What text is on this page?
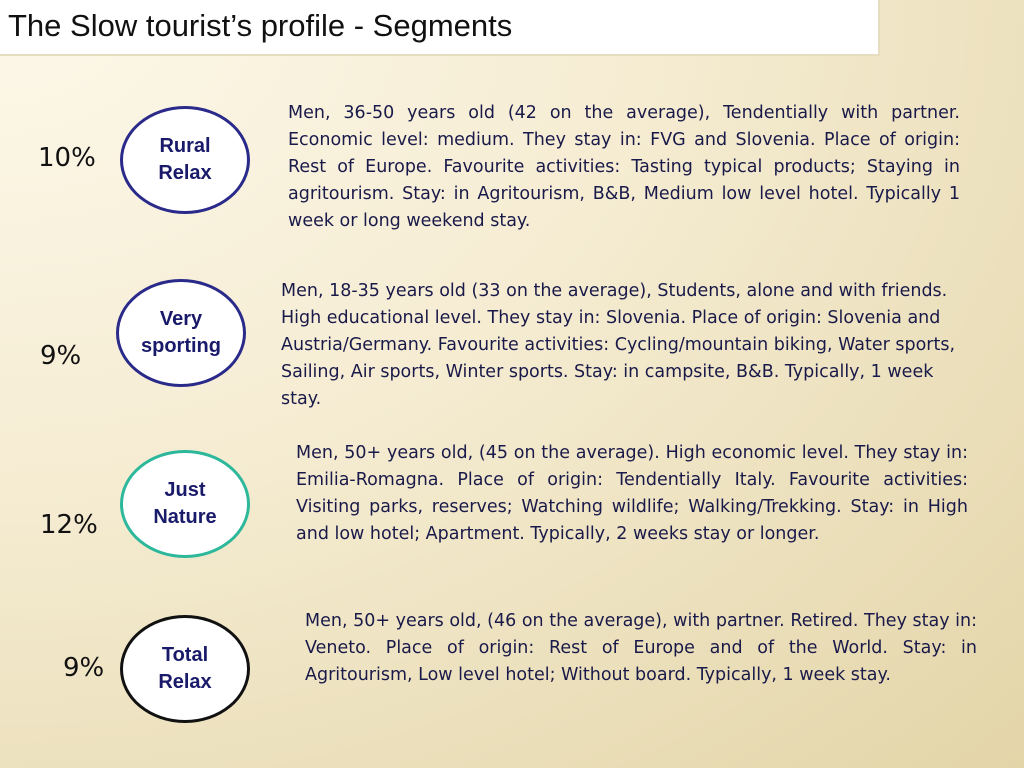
The Slow tourist’s profile - Segments
10%	Rural
Relax
Men, 36-50 years old (42 on the average), Tendentially with partner. Economic level: medium. They stay in: FVG and Slovenia. Place of origin: Rest of Europe. Favourite activities: Tasting typical products; Staying in agritourism. Stay: in Agritourism, B&B, Medium low level hotel. Typically 1 week or long weekend stay.
9%
Very
sporting
Men, 18-35 years old (33 on the average), Students, alone and with friends. High educational level. They stay in: Slovenia. Place of origin: Slovenia and Austria/Germany. Favourite activities: Cycling/mountain biking, Water sports, Sailing, Air sports, Winter sports. Stay: in campsite, B&B. Typically, 1 week stay.
12%
Just
Nature
Men, 50+ years old, (45 on the average). High economic level. They stay in: Emilia-Romagna. Place of origin: Tendentially Italy. Favourite activities: Visiting parks, reserves; Watching wildlife; Walking/Trekking. Stay: in High and low hotel; Apartment. Typically, 2 weeks stay or longer.
9%	Total
Relax
Men, 50+ years old, (46 on the average), with partner. Retired. They stay in: Veneto. Place of origin: Rest of Europe and of the World. Stay: in Agritourism, Low level hotel; Without board. Typically, 1 week stay.
